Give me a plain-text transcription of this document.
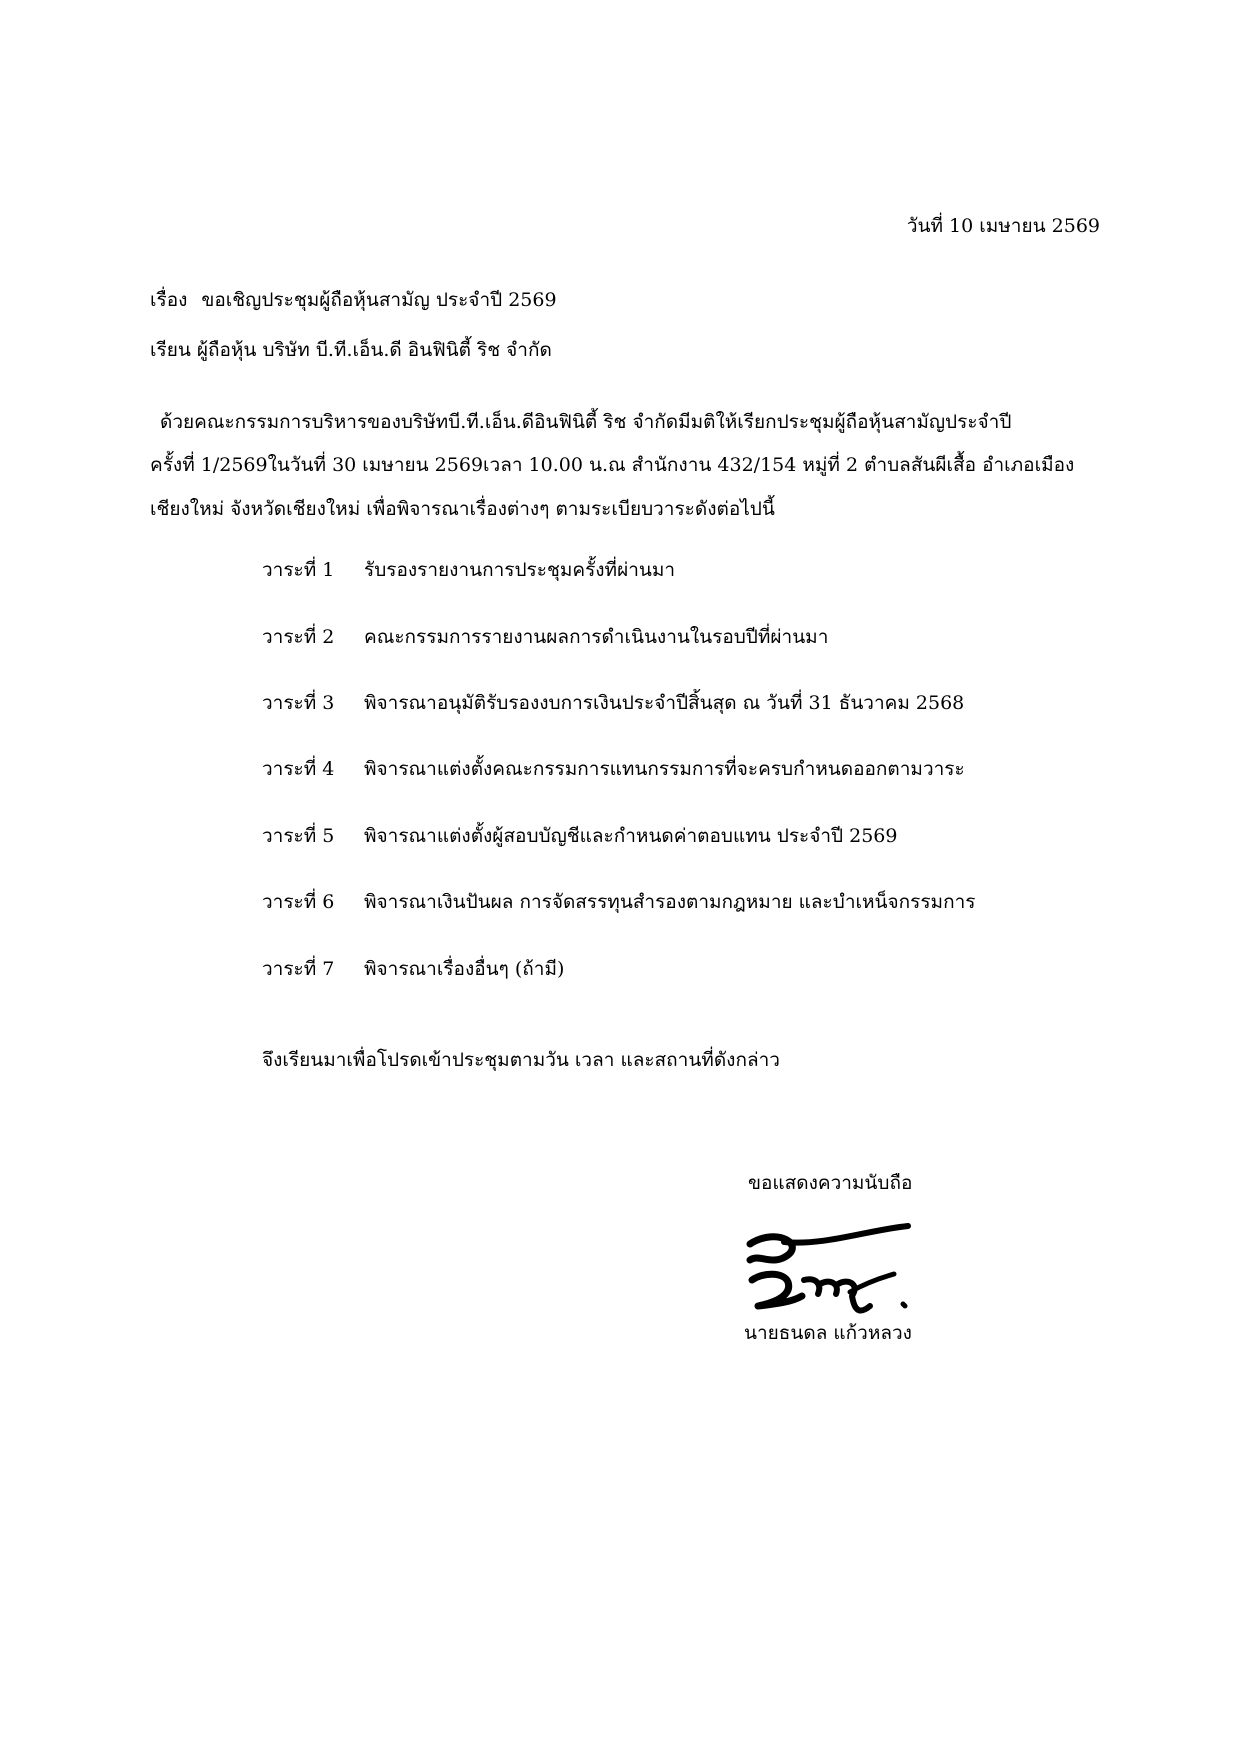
วันที่ 10 เมษายน 2569
เรื่อง ขอเชิญประชุมผู้ถือหุ้นสามัญ ประจำปี 2569
เรียน ผู้ถือหุ้น บริษัท บี.ที.เอ็น.ดี อินฟินิตี้ ริช จำกัด
ด้วยคณะกรรมการบริหารของบริษัทบี.ที.เอ็น.ดีอินฟินิตี้ ริช จำกัดมีมติให้เรียกประชุมผู้ถือหุ้นสามัญประจำปี
ครั้งที่ 1/2569ในวันที่ 30 เมษายน 2569เวลา 10.00 น.ณ สำนักงาน 432/154 หมู่ที่ 2 ตำบลสันผีเสื้อ อำเภอเมือง
เชียงใหม่ จังหวัดเชียงใหม่ เพื่อพิจารณาเรื่องต่างๆ ตามระเบียบวาระดังต่อไปนี้
วาระที่ 1 รับรองรายงานการประชุมครั้งที่ผ่านมา
วาระที่ 2 คณะกรรมการรายงานผลการดำเนินงานในรอบปีที่ผ่านมา
วาระที่ 3 พิจารณาอนุมัติรับรองงบการเงินประจำปีสิ้นสุด ณ วันที่ 31 ธันวาคม 2568
วาระที่ 4 พิจารณาแต่งตั้งคณะกรรมการแทนกรรมการที่จะครบกำหนดออกตามวาระ
วาระที่ 5 พิจารณาแต่งตั้งผู้สอบบัญชีและกำหนดค่าตอบแทน ประจำปี 2569
วาระที่ 6 พิจารณาเงินปันผล การจัดสรรทุนสำรองตามกฎหมาย และบำเหน็จกรรมการ
วาระที่ 7 พิจารณาเรื่องอื่นๆ (ถ้ามี)
จึงเรียนมาเพื่อโปรดเข้าประชุมตามวัน เวลา และสถานที่ดังกล่าว
ขอแสดงความนับถือ
นายธนดล แก้วหลวง
